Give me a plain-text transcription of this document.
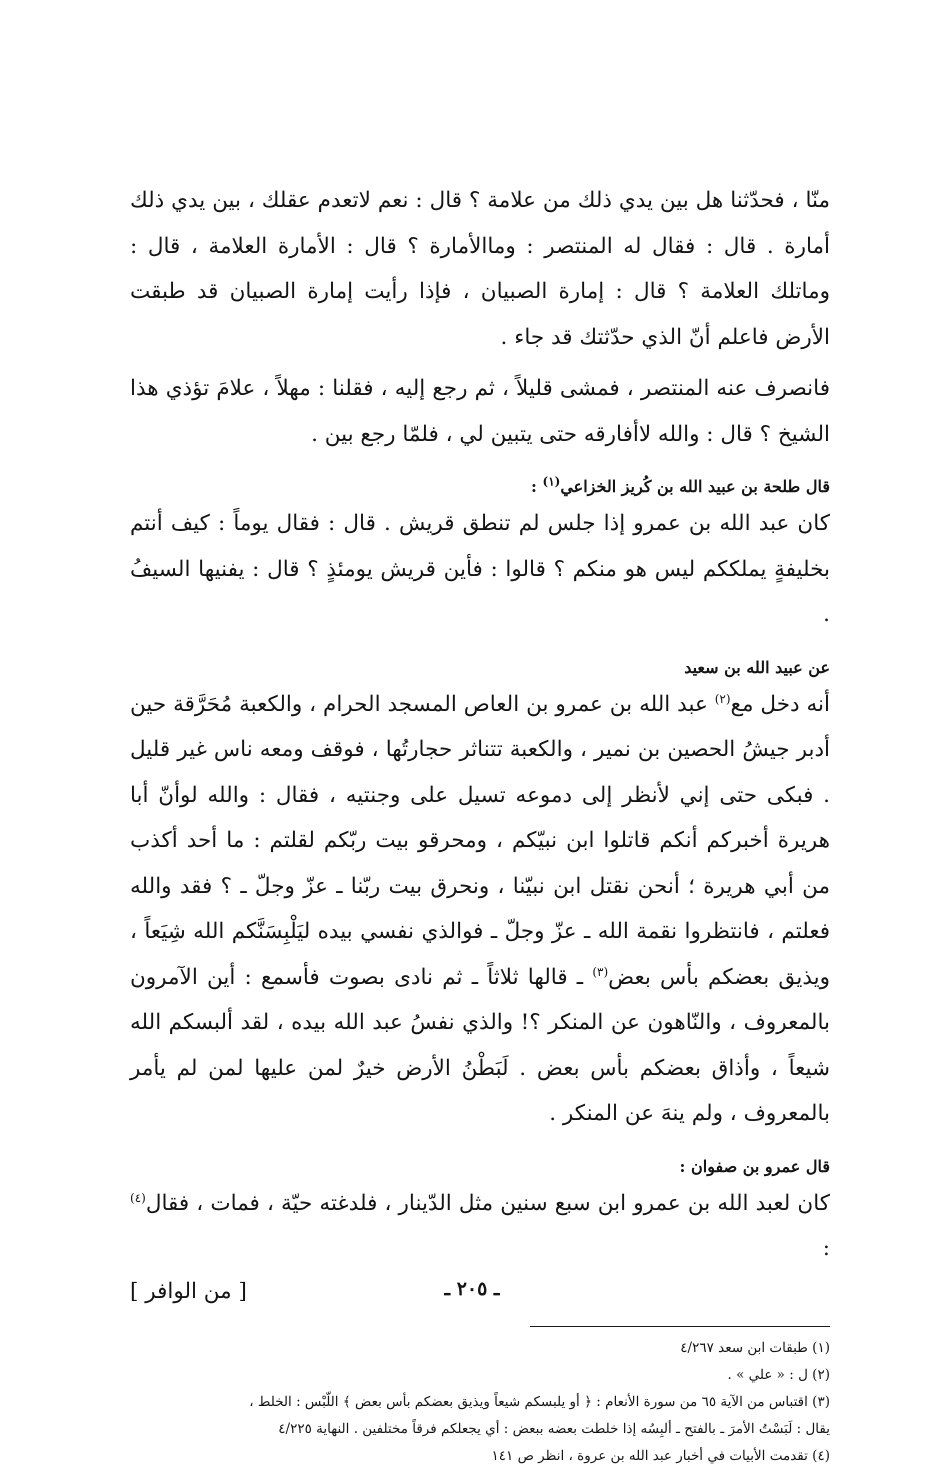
منّا ، فحدّثنا هل بين يدي ذلك من علامة ؟ قال : نعم لاتعدم عقلك ، بين يدي ذلك أمارة . قال : فقال له المنتصر : وماالأمارة ؟ قال : الأمارة العلامة ، قال : وماتلك العلامة ؟ قال : إمارة الصبيان ، فإذا رأيت إمارة الصبيان قد طبقت الأرض فاعلم أنّ الذي حدّثتك قد جاء .

فانصرف عنه المنتصر ، فمشى قليلاً ، ثم رجع إليه ، فقلنا : مهلاً ، علامَ تؤذي هذا الشيخ ؟ قال : والله لاأفارقه حتى يتبين لي ، فلمّا رجع بين .

قال طلحة بن عبيد الله بن كُريز الخزاعي$^{(١)}$ :

كان عبد الله بن عمرو إذا جلس لم تنطق قريش . قال : فقال يوماً : كيف أنتم بخليفةٍ يملككم ليس هو منكم ؟ قالوا : فأين قريش يومئذٍ ؟ قال : يفنيها السيفُ .

عن عبيد الله بن سعيد

أنه دخل مع$^{(٢)}$ عبد الله بن عمرو بن العاص المسجد الحرام ، والكعبة مُحَرَّقة حين أدبر جيشُ الحصين بن نمير ، والكعبة تتناثر حجارتُها ، فوقف ومعه ناس غير قليل . فبكى حتى إني لأنظر إلى دموعه تسيل على وجنتيه ، فقال : والله لوأنّ أبا هريرة أخبركم أنكم قاتلوا ابن نبيّكم ، ومحرقو بيت ربّكم لقلتم : ما أحد أكذب من أبي هريرة ؛ أنحن نقتل ابن نبيّنا ، ونحرق بيت ربّنا ـ عزّ وجلّ ـ ؟ فقد والله فعلتم ، فانتظروا نقمة الله ـ عزّ وجلّ ـ فوالذي نفسي بيده ليَلْبِسَنَّكم الله شِيَعاً ، ويذيق بعضكم بأس بعض$^{(٣)}$ ـ قالها ثلاثاً ـ ثم نادى بصوت فأسمع : أين الآمرون بالمعروف ، والنّاهون عن المنكر ؟! والذي نفسُ عبد الله بيده ، لقد ألبسكم الله شيعاً ، وأذاق بعضكم بأس بعض . لَبَطْنُ الأرض خيرٌ لمن عليها لمن لم يأمر بالمعروف ، ولم ينهَ عن المنكر .

قال عمرو بن صفوان :

كان لعبد الله بن عمرو ابن سبع سنين مثل الدّينار ، فلدغته حيّة ، فمات ، فقال$^{(٤)}$ :

[ من الوافر ]

(١) طبقات ابن سعد ٤/٢٦٧

(٢) ل : « علي » .

(٣) اقتباس من الآية ٦٥ من سورة الأنعام : ﴿ أو يلبسكم شيعاً ويذيق بعضكم بأس بعض ﴾ اللّبْس : الخلط ،

يقال : لَبَسْتُ الأمرَ ـ بالفتح ـ ألبِسُه إذا خلطت بعضه ببعض : أي يجعلكم فرقاً مختلفين . النهاية ٤/٢٢٥

(٤) تقدمت الأبيات في أخبار عبد الله بن عروة ، انظر ص ١٤١

ـ ٢٠٥ ـ
